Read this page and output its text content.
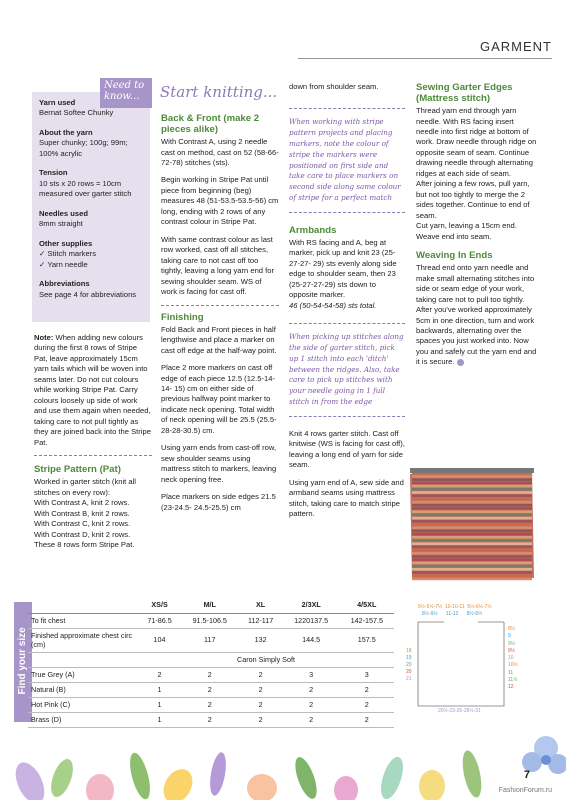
GARMENT
Yarn used
Bernat Softee Chunky
About the yarn
Super chunky; 100g; 99m; 100% acrylic
Tension
10 sts x 20 rows = 10cm measured over garter stitch
Needles used
8mm straight
Other supplies
✓ Stitch markers
✓ Yarn needle
Abbreviations
See page 4 for abbreviations
Need to know...
Note: When adding new colours during the first 8 rows of Stripe Pat, leave approximately 15cm yarn tails which will be woven into seams later. Do not cut colours while working Stripe Pat. Carry colours loosely up side of work and use them again when needed, taking care to not pull tightly as they are joined back into the Stripe Pat.
Stripe Pattern (Pat)
Worked in garter stitch (knit all stitches on every row):
With Contrast A, knit 2 rows.
With Contrast B, knit 2 rows.
With Contrast C, knit 2 rows.
With Contrast D, knit 2 rows.
These 8 rows form Stripe Pat.
Start knitting...
Back & Front (make 2 pieces alike)
With Contrast A, using 2 needle cast on method, cast on 52 (58-66-72-78) stitches (sts).
Begin working in Stripe Pat until piece from beginning (beg) measures 48 (51-53.5-53.5-56) cm long, ending with 2 rows of any contrast colour in Stripe Pat.
With same contrast colour as last row worked, cast off all stitches, taking care to not cast off too tightly, leaving a long yarn end for sewing shoulder seam. WS of work is facing for cast off.
Finishing
Fold Back and Front pieces in half lengthwise and place a marker on cast off edge at the half-way point.
Place 2 more markers on cast off edge of each piece 12.5 (12.5-14-14- 15) cm on either side of previous halfway point marker to indicate neck opening. Total width of neck opening will be 25.5 (25.5-28-28-30.5) cm.
Using yarn ends from cast-off row, sew shoulder seams using mattress stitch to markers, leaving neck opening free.
Place markers on side edges 21.5 (23-24.5- 24.5-25.5) cm
down from shoulder seam.
When working with stripe pattern projects and placing markers, note the colour of stripe the markers were positioned on first side and take care to place markers on second side along same colour of stripe for a perfect match
Armbands
With RS facing and A, beg at marker, pick up and knit 23 (25-27-27- 29) sts evenly along side edge to shoulder seam, then 23 (25-27-27-29) sts down to opposite marker.
46 (50-54-54-58) sts total.
When picking up stitches along the side of garter stitch, pick up 1 stitch into each 'ditch' between the ridges. Also, take care to pick up stitches with your needle going in 1 full stitch in from the edge
Knit 4 rows garter stitch. Cast off knitwise (WS is facing for cast off), leaving a long end of yarn for side seam.
Using yarn end of A, sew side and armband seams using mattress stitch, taking care to match stripe pattern.
Sewing Garter Edges (Mattress stitch)
Thread yarn end through yarn needle. With RS facing insert needle into first ridge at bottom of work. Draw needle through ridge on opposite seam of seam. Continue drawing needle through alternating ridges at each side of seam.
After joining a few rows, pull yarn, but not too tightly to merge the 2 sides together. Continue to end of seam.
Cut yarn, leaving a 15cm end. Weave end into seam.
Weaving In Ends
Thread end onto yarn needle and make small alternating stitches into side or seam edge of your work, taking care not to pull too tightly. After you've worked approximately 5cm in one direction, turn and work backwards, alternating over the spaces you just worked into. Now you and safely cut the yarn end and it is secure.
Find your size
	XS/S	M/L	XL	2/3XL	4/5XL
To fit chest	71-86.5	91.5-106.5	112-117	1220137.5	142-157.5
Finished approximate chest circ (cm)	104	117	132	144.5	157.5
	Caron Simply Soft				
True Grey (A)	2	2	2	3	3
Natural (B)	1	2	2	2	2
Hot Pink (C)	1	2	2	2	2
Brass (D)	1	2	2	2	2
5½-6½-7½ 10-10-11 5½-6½-7½
8½-9½ 11-12 8½-9½
18
19
20
20
21
8½
9
9½
9½
10
10½
11
11½
12
20½-23-26-28½-31
7
FashionForum.ru
